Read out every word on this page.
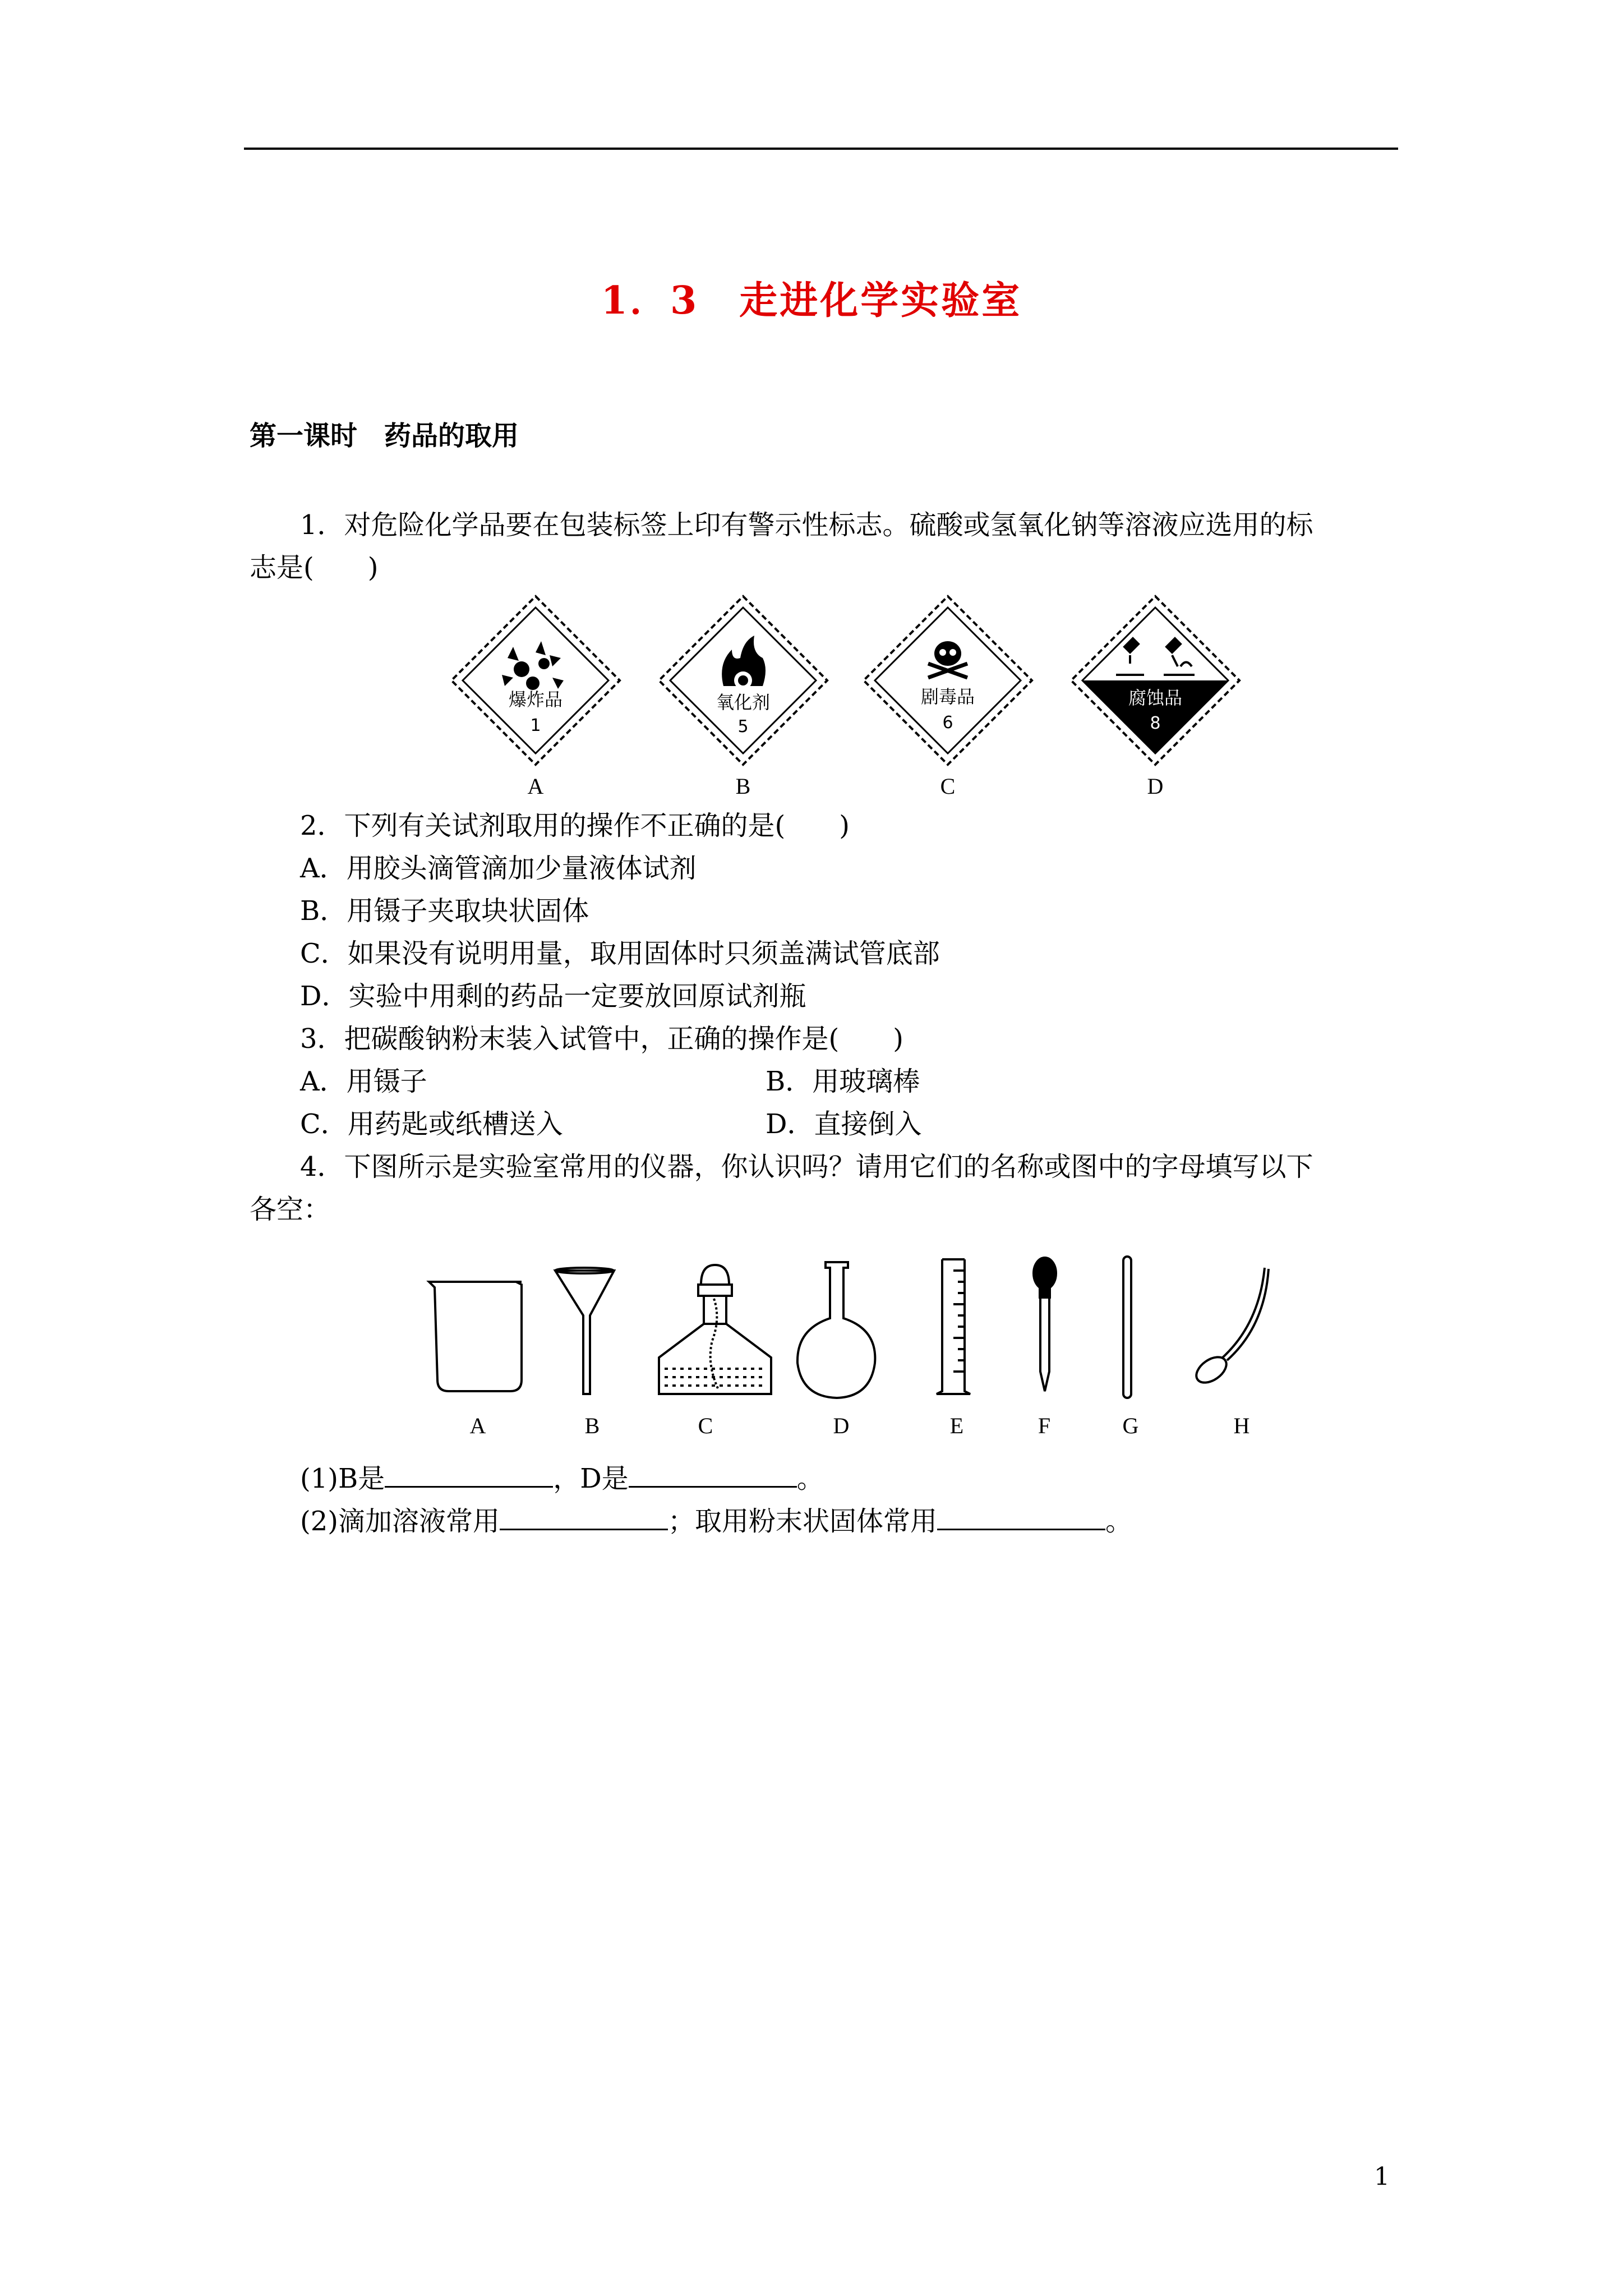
1．3　走进化学实验室
第一课时　药品的取用
1．对危险化学品要在包装标签上印有警示性标志。硫酸或氢氧化钠等溶液应选用的标
志是(　　)
爆炸品
1
氧化剂
5
剧毒品
6
腐蚀品
8
A	B	C	D
2．下列有关试剂取用的操作不正确的是(　　)
A．用胶头滴管滴加少量液体试剂
B．用镊子夹取块状固体
C．如果没有说明用量，取用固体时只须盖满试管底部
D．实验中用剩的药品一定要放回原试剂瓶
3．把碳酸钠粉末装入试管中，正确的操作是(　　)
A．用镊子	B．用玻璃棒
C．用药匙或纸槽送入	D．直接倒入
4．下图所示是实验室常用的仪器，你认识吗？请用它们的名称或图中的字母填写以下
各空：
A	B	C	D	E	F	G	H
(1)B是	，D是	。
(2)滴加溶液常用	；取用粉末状固体常用	。
1
